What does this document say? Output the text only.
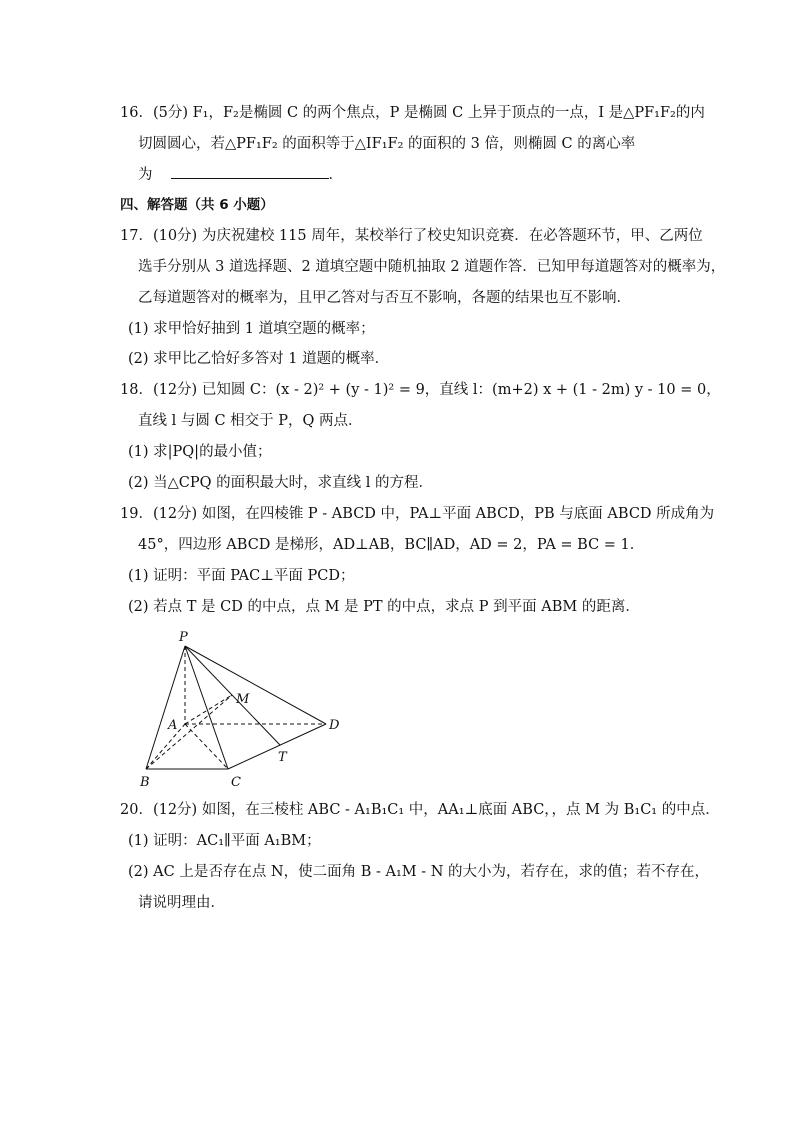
16．(5分) F₁，F₂是椭圆 C 的两个焦点，P 是椭圆 C 上异于顶点的一点，I 是△PF₁F₂的内
切圆圆心，若△PF₁F₂ 的面积等于△IF₁F₂ 的面积的 3 倍，则椭圆 C 的离心率
为	．
四、解答题（共 6 小题）
17．(10分) 为庆祝建校 115 周年，某校举行了校史知识竞赛．在必答题环节，甲、乙两位
选手分别从 3 道选择题、2 道填空题中随机抽取 2 道题作答．已知甲每道题答对的概率为，
乙每道题答对的概率为，且甲乙答对与否互不影响，各题的结果也互不影响．
(1) 求甲恰好抽到 1 道填空题的概率；
(2) 求甲比乙恰好多答对 1 道题的概率．
18．(12分) 已知圆 C：(x - 2)² + (y - 1)² = 9，直线 l：(m+2) x + (1 - 2m) y - 10 = 0，
直线 l 与圆 C 相交于 P，Q 两点．
(1) 求|PQ|的最小值；
(2) 当△CPQ 的面积最大时，求直线 l 的方程．
19．(12分) 如图，在四棱锥 P - ABCD 中，PA⊥平面 ABCD，PB 与底面 ABCD 所成角为
45°，四边形 ABCD 是梯形，AD⊥AB，BC∥AD，AD = 2，PA = BC = 1．
(1) 证明：平面 PAC⊥平面 PCD；
(2) 若点 T 是 CD 的中点，点 M 是 PT 的中点，求点 P 到平面 ABM 的距离．
P
A
B	C
D
M
T
20．(12分) 如图，在三棱柱 ABC - A₁B₁C₁ 中，AA₁⊥底面 ABC，，点 M 为 B₁C₁ 的中点．
(1) 证明：AC₁∥平面 A₁BM；
(2) AC 上是否存在点 N，使二面角 B - A₁M - N 的大小为，若存在，求的值；若不存在，
请说明理由．
